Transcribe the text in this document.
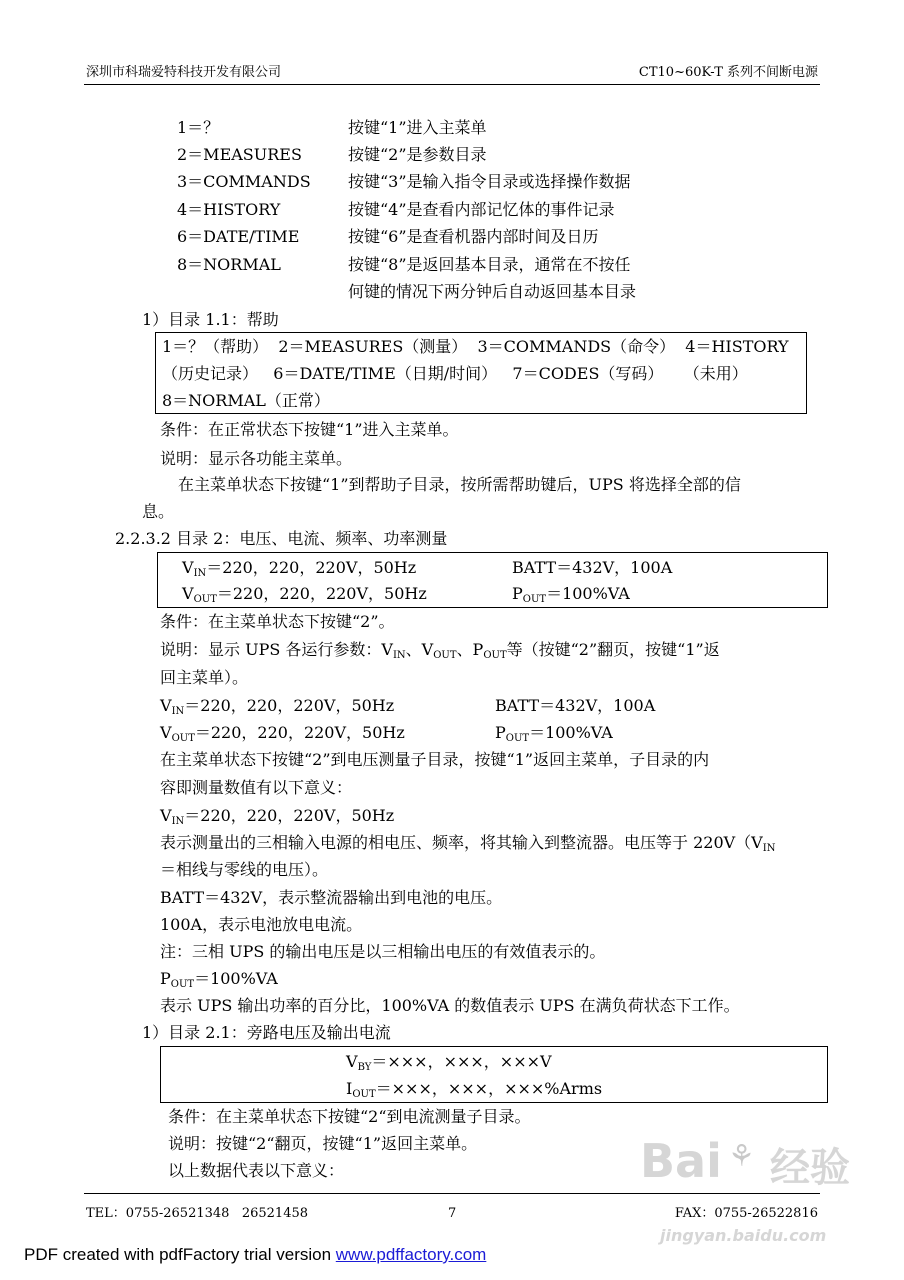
深圳市科瑞爱特科技开发有限公司	CT10~60K-T 系列不间断电源
1＝？	按键“1”进入主菜单
2＝MEASURES	按键“2”是参数目录
3＝COMMANDS 按键“3”是输入指令目录或选择操作数据
4＝HISTORY	按键“4”是查看内部记忆体的事件记录
6＝DATE/TIME	按键“6”是查看机器内部时间及日历
8＝NORMAL	按键“8”是返回基本目录，通常在不按任
何键的情况下两分钟后自动返回基本目录
1）目录 1.1：帮助
1＝？（帮助）  2＝MEASURES（测量）  3＝COMMANDS（命令）  4＝HISTORY
（历史记录）   6＝DATE/TIME（日期/时间）   7＝CODES（写码）    （未用）
8＝NORMAL（正常）
条件：在正常状态下按键“1”进入主菜单。
说明：显示各功能主菜单。
在主菜单状态下按键“1”到帮助子目录，按所需帮助键后，UPS 将选择全部的信
息。
2.2.3.2 目录 2：电压、电流、频率、功率测量
$V_{IN}=220$，220，220V，50Hz	BATT＝432V，100A
$V_{OUT}=220$，220，220V，50Hz	$P_{OUT}=100\%VA$
条件：在主菜单状态下按键“2”。
说明：显示 UPS 各运行参数：$V_{IN}$、$V_{OUT}$、$P_{OUT}$等（按键“2”翻页，按键“1”返
回主菜单）。
$V_{IN}=220$，220，220V，50Hz	BATT＝432V，100A
$V_{OUT}=220$，220，220V，50Hz	$P_{OUT}=100\%VA$
在主菜单状态下按键“2”到电压测量子目录，按键“1”返回主菜单，子目录的内
容即测量数值有以下意义：
$V_{IN}=220$，220，220V，50Hz
表示测量出的三相输入电源的相电压、频率，将其输入到整流器。电压等于 $220V(V_{IN}$
＝相线与零线的电压）。
BATT＝432V，表示整流器输出到电池的电压。
100A，表示电池放电电流。
注：三相 UPS 的输出电压是以三相输出电压的有效值表示的。
$P_{OUT}=100\%VA$
表示 UPS 输出功率的百分比，100%VA 的数值表示 UPS 在满负荷状态下工作。
1）目录 2.1：旁路电压及输出电流
$V_{BY}=\times\times\times$，×××，×××V
$I_{OUT}=\times\times\times$，×××，×××%Arms
条件：在主菜单状态下按键“2“到电流测量子目录。
说明：按键“2“翻页，按键“1”返回主菜单。
以上数据代表以下意义：
TEL：0755-26521348   26521458	7	FAX：0755-26522816
Bai ⚘ 经验
jingyan.baidu.com
PDF created with pdfFactory trial version www.pdffactory.com
